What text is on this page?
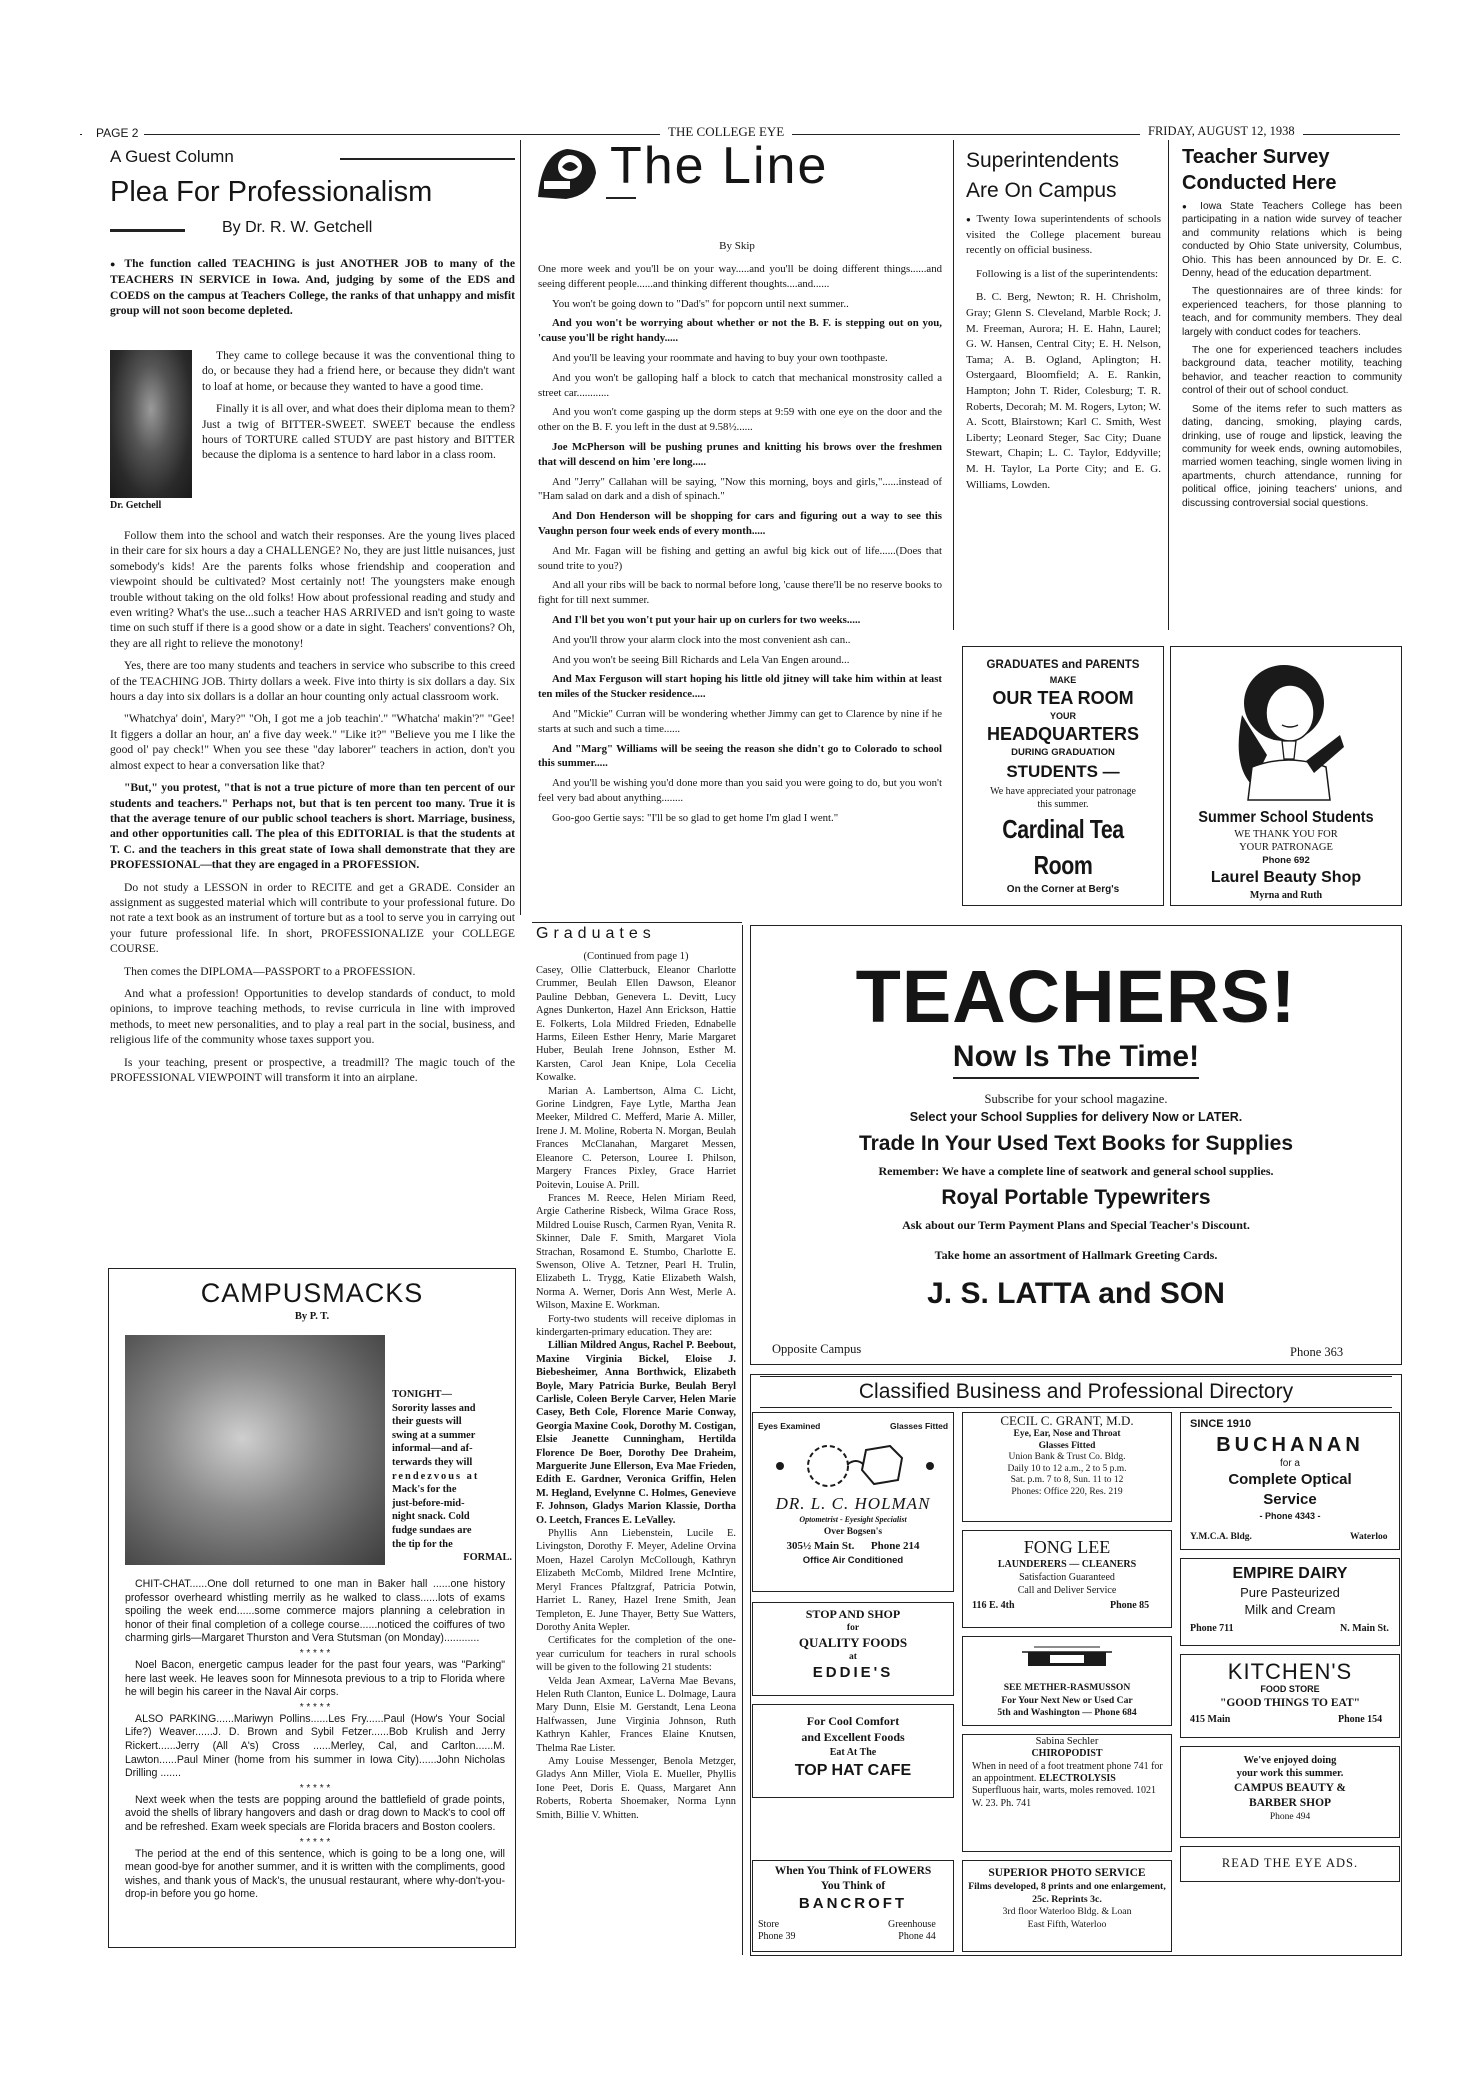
PAGE 2	THE COLLEGE EYE	FRIDAY, AUGUST 12, 1938
A Guest Column
Plea For Professionalism
By Dr. R. W. Getchell

● The function called TEACHING is just ANOTHER JOB to many of the TEACHERS IN SERVICE in Iowa. And, judging by some of the EDS and COEDS on the campus at Teachers College, the ranks of that unhappy and misfit group will not soon become depleted.

Dr. Getchell

They came to college because it was the conventional thing to do, or because they had a friend here, or because they didn't want to loaf at home, or because they wanted to have a good time.

Finally it is all over, and what does their diploma mean to them? Just a twig of BITTER-SWEET. SWEET because the endless hours of TORTURE called STUDY are past history and BITTER because the diploma is a sentence to hard labor in a class room.

Follow them into the school and watch their responses. Are the young lives placed in their care for six hours a day a CHALLENGE? No, they are just little nuisances, just somebody's kids! Are the parents folks whose friendship and cooperation and viewpoint should be cultivated? Most certainly not! The youngsters make enough trouble without taking on the old folks! How about professional reading and study and even writing? What's the use...such a teacher HAS ARRIVED and isn't going to waste time on such stuff if there is a good show or a date in sight. Teachers' conventions? Oh, they are all right to relieve the monotony!

Yes, there are too many students and teachers in service who subscribe to this creed of the TEACHING JOB. Thirty dollars a week. Five into thirty is six dollars a day. Six hours a day into six dollars is a dollar an hour counting only actual classroom work.

"Whatchya' doin', Mary?" "Oh, I got me a job teachin'." "Whatcha' makin'?" "Gee! It figgers a dollar an hour, an' a five day week." "Like it?" "Believe you me I like the good ol' pay check!" When you see these "day laborer" teachers in action, don't you almost expect to hear a conversation like that?

"But," you protest, "that is not a true picture of more than ten percent of our students and teachers." Perhaps not, but that is ten percent too many. True it is that the average tenure of our public school teachers is short. Marriage, business, and other opportunities call. The plea of this EDITORIAL is that the students at T. C. and the teachers in this great state of Iowa shall demonstrate that they are PROFESSIONAL—that they are engaged in a PROFESSION.

Do not study a LESSON in order to RECITE and get a GRADE. Consider an assignment as suggested material which will contribute to your professional future. Do not rate a text book as an instrument of torture but as a tool to serve you in carrying out your future professional life. In short, PROFESSIONALIZE your COLLEGE COURSE.

Then comes the DIPLOMA—PASSPORT to a PROFESSION.

And what a profession! Opportunities to develop standards of conduct, to mold opinions, to improve teaching methods, to revise curricula in line with improved methods, to meet new personalities, and to play a real part in the social, business, and religious life of the community whose taxes support you.

Is your teaching, present or prospective, a treadmill? The magic touch of the PROFESSIONAL VIEWPOINT will transform it into an airplane.

CAMPUSMACKS
By P. T.
TONIGHT—
Sorority lasses and
their guests will
swing at a summer
informal—and af-
terwards they will
rendezvous at
Mack's for the
just-before-mid-
night snack. Cold
fudge sundaes are
the tip for the
FORMAL.

CHIT-CHAT......One doll returned to one man in Baker hall ......one history professor overheard whistling merrily as he walked to class......lots of exams spoiling the week end......some commerce majors planning a celebration in honor of their final completion of a college course......noticed the coiffures of two charming girls—Margaret Thurston and Vera Stutsman (on Monday)............

* * * * *

Noel Bacon, energetic campus leader for the past four years, was "Parking" here last week. He leaves soon for Minnesota previous to a trip to Florida where he will begin his career in the Naval Air corps.

* * * * *

ALSO PARKING......Mariwyn Pollins......Les Fry......Paul (How's Your Social Life?) Weaver......J. D. Brown and Sybil Fetzer......Bob Krulish and Jerry Rickert......Jerry (All A's) Cross ......Merley, Cal, and Carlton......M. Lawton......Paul Miner (home from his summer in Iowa City)......John Nicholas Drilling .......

* * * * *

Next week when the tests are popping around the battlefield of grade points, avoid the shells of library hangovers and dash or drag down to Mack's to cool off and be refreshed. Exam week specials are Florida bracers and Boston coolers.

* * * * *

The period at the end of this sentence, which is going to be a long one, will mean good-bye for another summer, and it is written with the compliments, good wishes, and thank yous of Mack's, the unusual restaurant, where why-don't-you-drop-in before you go home.

The Line
By Skip

One more week and you'll be on your way.....and you'll be doing different things......and seeing different people......and thinking different thoughts....and......

You won't be going down to "Dad's" for popcorn until next summer..

And you won't be worrying about whether or not the B. F. is stepping out on you, 'cause you'll be right handy.....

And you'll be leaving your roommate and having to buy your own toothpaste.

And you won't be galloping half a block to catch that mechanical monstrosity called a street car............

And you won't come gasping up the dorm steps at 9:59 with one eye on the door and the other on the B. F. you left in the dust at 9.58½......

Joe McPherson will be pushing prunes and knitting his brows over the freshmen that will descend on him 'ere long.....

And "Jerry" Callahan will be saying, "Now this morning, boys and girls,"......instead of "Ham salad on dark and a dish of spinach."

And Don Henderson will be shopping for cars and figuring out a way to see this Vaughn person four week ends of every month.....

And Mr. Fagan will be fishing and getting an awful big kick out of life......(Does that sound trite to you?)

And all your ribs will be back to normal before long, 'cause there'll be no reserve books to fight for till next summer.

And I'll bet you won't put your hair up on curlers for two weeks.....

And you'll throw your alarm clock into the most convenient ash can..

And you won't be seeing Bill Richards and Lela Van Engen around...

And Max Ferguson will start hoping his little old jitney will take him within at least ten miles of the Stucker residence.....

And "Mickie" Curran will be wondering whether Jimmy can get to Clarence by nine if he starts at such and such a time......

And "Marg" Williams will be seeing the reason she didn't go to Colorado to school this summer.....

And you'll be wishing you'd done more than you said you were going to do, but you won't feel very bad about anything........

Goo-goo Gertie says: "I'll be so glad to get home I'm glad I went."

Superintendents
Are On Campus

● Twenty Iowa superintendents of schools visited the College placement bureau recently on official business.

Following is a list of the superintendents:

B. C. Berg, Newton; R. H. Chrisholm, Gray; Glenn S. Cleveland, Marble Rock; J. M. Freeman, Aurora; H. E. Hahn, Laurel; G. W. Hansen, Central City; E. H. Nelson, Tama; A. B. Ogland, Aplington; H. Ostergaard, Bloomfield; A. E. Rankin, Hampton; John T. Rider, Colesburg; T. R. Roberts, Decorah; M. M. Rogers, Lyton; W. A. Scott, Blairstown; Karl C. Smith, West Liberty; Leonard Steger, Sac City; Duane Stewart, Chapin; L. C. Taylor, Eddyville; M. H. Taylor, La Porte City; and E. G. Williams, Lowden.

Teacher Survey
Conducted Here

● Iowa State Teachers College has been participating in a nation wide survey of teacher and community relations which is being conducted by Ohio State university, Columbus, Ohio. This has been announced by Dr. E. C. Denny, head of the education department.

The questionnaires are of three kinds: for experienced teachers, for those planning to teach, and for community members. They deal largely with conduct codes for teachers.

The one for experienced teachers includes background data, teacher motility, teaching behavior, and teacher reaction to community control of their out of school conduct.

Some of the items refer to such matters as dating, dancing, smoking, playing cards, drinking, use of rouge and lipstick, leaving the community for week ends, owning automobiles, married women teaching, single women living in apartments, church attendance, running for political office, joining teachers' unions, and discussing controversial social questions.

GRADUATES and PARENTS
MAKE
OUR TEA ROOM
YOUR
HEADQUARTERS
DURING GRADUATION
STUDENTS —
We have appreciated your patronage this summer.
Cardinal Tea Room
On the Corner at Berg's
Summer School Students
WE THANK YOU FOR
YOUR PATRONAGE
Phone 692
Laurel Beauty Shop
Myrna and Ruth
Graduates
(Continued from page 1)

Casey, Ollie Clatterbuck, Eleanor Charlotte Crummer, Beulah Ellen Dawson, Eleanor Pauline Debban, Genevera L. Devitt, Lucy Agnes Dunkerton, Hazel Ann Erickson, Hattie E. Folkerts, Lola Mildred Frieden, Ednabelle Harms, Eileen Esther Henry, Marie Margaret Huber, Beulah Irene Johnson, Esther M. Karsten, Carol Jean Knipe, Lola Cecelia Kowalke.

Marian A. Lambertson, Alma C. Licht, Gorine Lindgren, Faye Lytle, Martha Jean Meeker, Mildred C. Mefferd, Marie A. Miller, Irene J. M. Moline, Roberta N. Morgan, Beulah Frances McClanahan, Margaret Messen, Eleanore C. Peterson, Louree I. Philson, Margery Frances Pixley, Grace Harriet Poitevin, Louise A. Prill.

Frances M. Reece, Helen Miriam Reed, Argie Catherine Risbeck, Wilma Grace Ross, Mildred Louise Rusch, Carmen Ryan, Venita R. Skinner, Dale F. Smith, Margaret Viola Strachan, Rosamond E. Stumbo, Charlotte E. Swenson, Olive A. Tetzner, Pearl H. Trulin, Elizabeth L. Trygg, Katie Elizabeth Walsh, Norma A. Werner, Doris Ann West, Merle A. Wilson, Maxine E. Workman.

Forty-two students will receive diplomas in kindergarten-primary education. They are:

Lillian Mildred Angus, Rachel P. Beebout, Maxine Virginia Bickel, Eloise J. Biebesheimer, Anna Borthwick, Elizabeth Boyle, Mary Patricia Burke, Beulah Beryl Carlisle, Coleen Beryle Carver, Helen Marie Casey, Beth Cole, Florence Marie Conway, Georgia Maxine Cook, Dorothy M. Costigan, Elsie Jeanette Cunningham, Hertilda Florence De Boer, Dorothy Dee Draheim, Marguerite June Ellerson, Eva Mae Frieden, Edith E. Gardner, Veronica Griffin, Helen M. Hegland, Evelynne C. Holmes, Genevieve F. Johnson, Gladys Marion Klassie, Dortha O. Leetch, Frances E. LeValley.

Phyllis Ann Liebenstein, Lucile E. Livingston, Dorothy F. Meyer, Adeline Orvina Moen, Hazel Carolyn McCollough, Kathryn Elizabeth McComb, Mildred Irene McIntire, Meryl Frances Pfaltzgraf, Patricia Potwin, Harriet L. Raney, Hazel Irene Smith, Jean Templeton, E. June Thayer, Betty Sue Watters, Dorothy Anita Wepler.

Certificates for the completion of the one-year curriculum for teachers in rural schools will be given to the following 21 students:

Velda Jean Axmear, LaVerna Mae Bevans, Helen Ruth Clanton, Eunice L. Dolmage, Laura Mary Dunn, Elsie M. Gerstandt, Lena Leona Halfwassen, June Virginia Johnson, Ruth Kathryn Kahler, Frances Elaine Knutsen, Thelma Rae Lister.

Amy Louise Messenger, Benola Metzger, Gladys Ann Miller, Viola E. Mueller, Phyllis Ione Peet, Doris E. Quass, Margaret Ann Roberts, Roberta Shoemaker, Norma Lynn Smith, Billie V. Whitten.

TEACHERS!
Now Is The Time!
Subscribe for your school magazine.
Select your School Supplies for delivery Now or LATER.
Trade In Your Used Text Books for Supplies
Remember: We have a complete line of seatwork and general school supplies.
Royal Portable Typewriters
Ask about our Term Payment Plans and Special Teacher's Discount.
Take home an assortment of Hallmark Greeting Cards.
J. S. LATTA and SON
Opposite Campus	Phone 363
Classified Business and Professional Directory
Eyes Examined	Glasses Fitted
DR. L. C. HOLMAN
Optometrist - Eyesight Specialist
Over Bogsen's
305½ Main St. Phone 214
Office Air Conditioned
STOP AND SHOP
for
QUALITY FOODS
at
EDDIE'S
For Cool Comfort
and Excellent Foods
Eat At The
TOP HAT CAFE
When You Think of FLOWERS
You Think of
BANCROFT
Store
Phone 39
Greenhouse
Phone 44
CECIL C. GRANT, M.D.
Eye, Ear, Nose and Throat
Glasses Fitted
Union Bank & Trust Co. Bldg.
Daily 10 to 12 a.m., 2 to 5 p.m.
Sat. p.m. 7 to 8, Sun. 11 to 12
Phones: Office 220, Res. 219
FONG LEE
LAUNDERERS — CLEANERS
Satisfaction Guaranteed
Call and Deliver Service
116 E. 4th	Phone 85
SEE METHER-RASMUSSON
For Your Next New or Used Car
5th and Washington — Phone 684
Sabina Sechler
CHIROPODIST
When in need of a foot treatment phone 741 for an appointment. ELECTROLYSIS Superfluous hair, warts, moles removed. 1021 W. 23. Ph. 741
SUPERIOR PHOTO SERVICE
Films developed, 8 prints and one enlargement, 25c. Reprints 3c.
3rd floor Waterloo Bldg. & Loan
East Fifth, Waterloo
SINCE 1910
BUCHANAN
for a
Complete Optical
Service
- Phone 4343 -
Y.M.C.A. Bldg.	Waterloo
EMPIRE DAIRY
Pure Pasteurized
Milk and Cream
Phone 711	N. Main St.
KITCHEN'S
FOOD STORE
"GOOD THINGS TO EAT"
415 Main	Phone 154
We've enjoyed doing
your work this summer.
CAMPUS BEAUTY &
BARBER SHOP
Phone 494
READ THE EYE ADS.
